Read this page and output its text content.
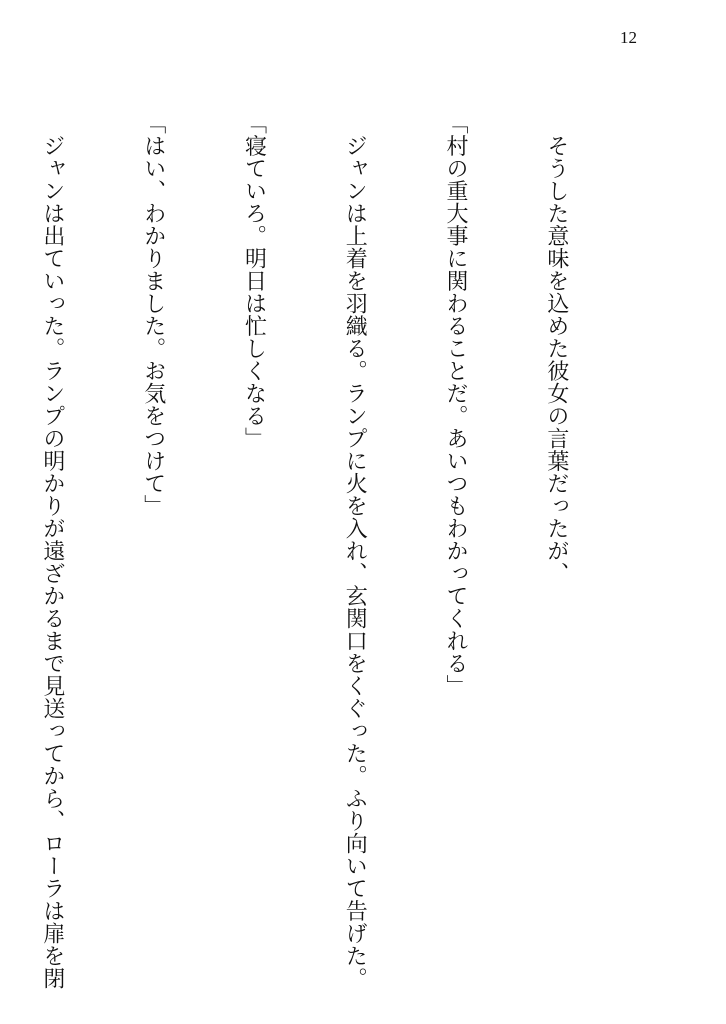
12

　そうした意味を込めた彼女の言葉だったが、

「村の重大事に関わることだ。あいつもわかってくれる」

　ジャンは上着を羽織る。ランプに火を入れ、玄関口をくぐった。ふり向いて告げた。

「寝ていろ。明日は忙しくなる」

「はい、わかりました。お気をつけて」

　ジャンは出ていった。ランプの明かりが遠ざかるまで見送ってから、ローラは扉を閉
